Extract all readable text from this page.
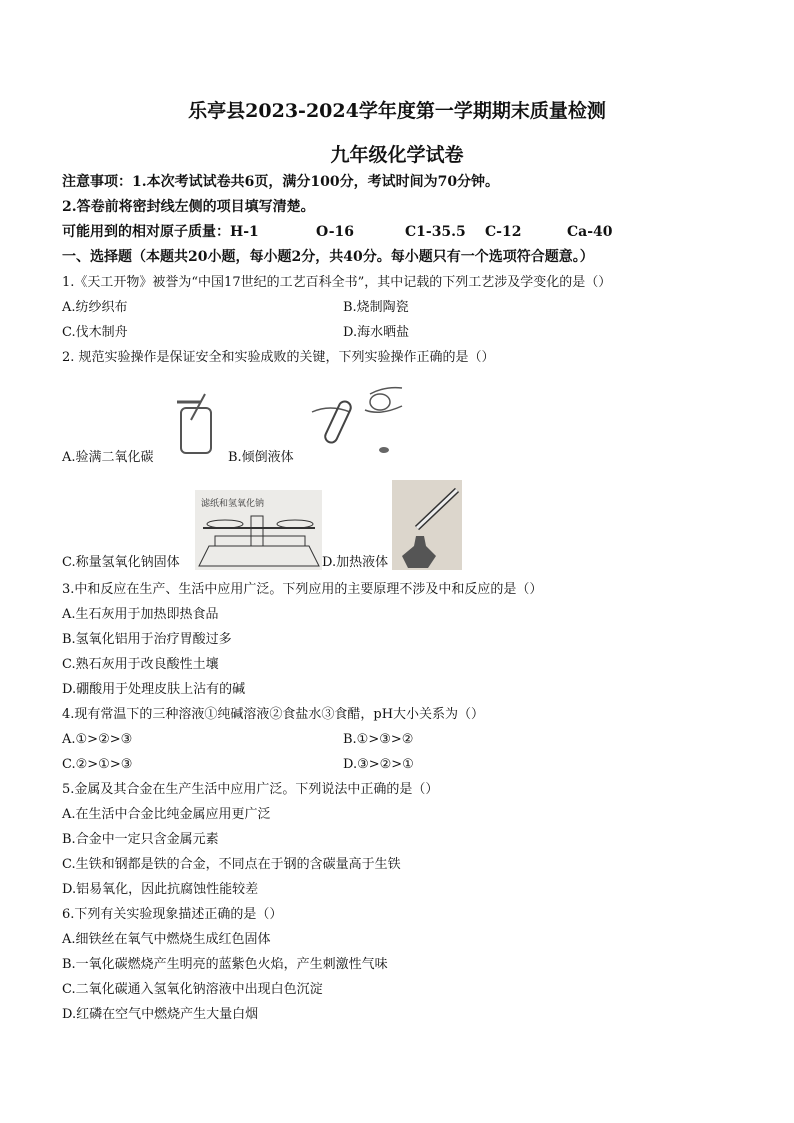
乐亭县2023-2024学年度第一学期期末质量检测
九年级化学试卷
注意事项：1.本次考试试卷共6页，满分100分，考试时间为70分钟。
2.答卷前将密封线左侧的项目填写清楚。
可能用到的相对原子质量：H-1	O-16	C1-35.5 C-12	Ca-40
一、选择题（本题共20小题，每小题2分，共40分。每小题只有一个选项符合题意。）
1.《天工开物》被誉为“中国17世纪的工艺百科全书”，其中记载的下列工艺涉及学变化的是（）
A.纺纱织布	B.烧制陶瓷
C.伐木制舟	D.海水晒盐
2. 规范实验操作是保证安全和实验成败的关键，下列实验操作正确的是（）
A.验满二氧化碳	B.倾倒液体
C.称量氢氧化钠固体
滤纸和氢氧化钠
D.加热液体
3.中和反应在生产、生活中应用广泛。下列应用的主要原理不涉及中和反应的是（）
A.生石灰用于加热即热食品
B.氢氧化铝用于治疗胃酸过多
C.熟石灰用于改良酸性土壤
D.硼酸用于处理皮肤上沾有的碱
4.现有常温下的三种溶液①纯碱溶液②食盐水③食醋，pH大小关系为（）
A.①>②>③	B.①>③>②
C.②>①>③	D.③>②>①
5.金属及其合金在生产生活中应用广泛。下列说法中正确的是（）
A.在生活中合金比纯金属应用更广泛
B.合金中一定只含金属元素
C.生铁和钢都是铁的合金，不同点在于钢的含碳量高于生铁
D.铝易氧化，因此抗腐蚀性能较差
6.下列有关实验现象描述正确的是（）
A.细铁丝在氧气中燃烧生成红色固体
B.一氧化碳燃烧产生明亮的蓝紫色火焰，产生刺激性气味
C.二氧化碳通入氢氧化钠溶液中出现白色沉淀
D.红磷在空气中燃烧产生大量白烟
